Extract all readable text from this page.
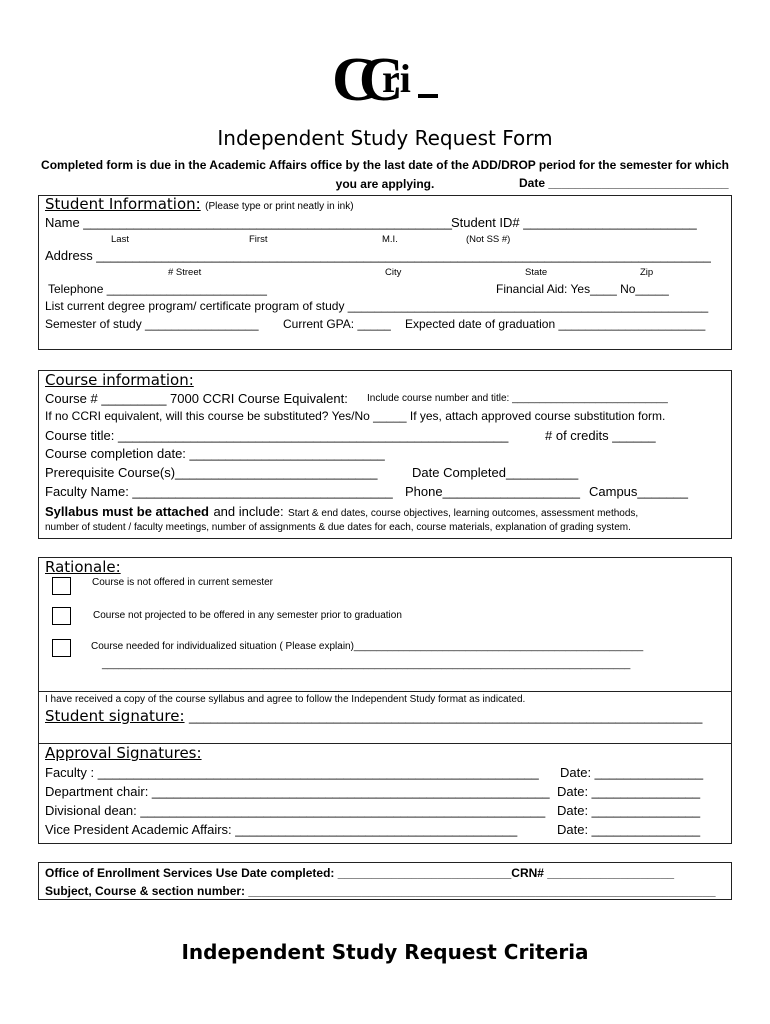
CC
ri
Independent Study Request Form
Completed form is due in the Academic Affairs office by the last date of the ADD/DROP period for the semester for which you are applying.	Date ___________________________
Student Information: (Please type or print neatly in ink)
Name ___________________________________________________
Student ID# ________________________
Last	First	M.I.	(Not SS #)
Address _____________________________________________________________________________________
# Street	City	State	Zip
Telephone ________________________	Financial Aid: Yes____ No_____
List current degree program/ certificate program of study ______________________________________________________
Semester of study _________________ Current GPA: _____ Expected date of graduation ______________________
Course information:
Course # _________ 7000 CCRI Course Equivalent: Include course number and title: ____________________________
If no CCRI equivalent, will this course be substituted? Yes/No _____ If yes, attach approved course substitution form.
Course title: ______________________________________________________	# of credits ______
Course completion date: ___________________________
Prerequisite Course(s)____________________________	Date Completed__________
Faculty Name: ____________________________________ Phone___________________ Campus_______
Syllabus must be attached and include: Start & end dates, course objectives, learning outcomes, assessment methods,
number of student / faculty meetings, number of assignments & due dates for each, course materials, explanation of grading system.
Rationale:
Course is not offered in current semester
Course not projected to be offered in any semester prior to graduation
Course needed for individualized situation ( Please explain)____________________________________________________
_______________________________________________________________________________________________
I have received a copy of the course syllabus and agree to follow the Independent Study format as indicated.
Student signature: _______________________________________________________________________
Approval Signatures:
Faculty : _____________________________________________________________ Date: _______________
Department chair: _______________________________________________________ Date: _______________
Divisional dean: ________________________________________________________ Date: _______________
Vice President Academic Affairs: _______________________________________	Date: _______________
Office of Enrollment Services Use Date completed: __________________________CRN# ___________________
Subject, Course & section number: ______________________________________________________________________
Independent Study Request Criteria
